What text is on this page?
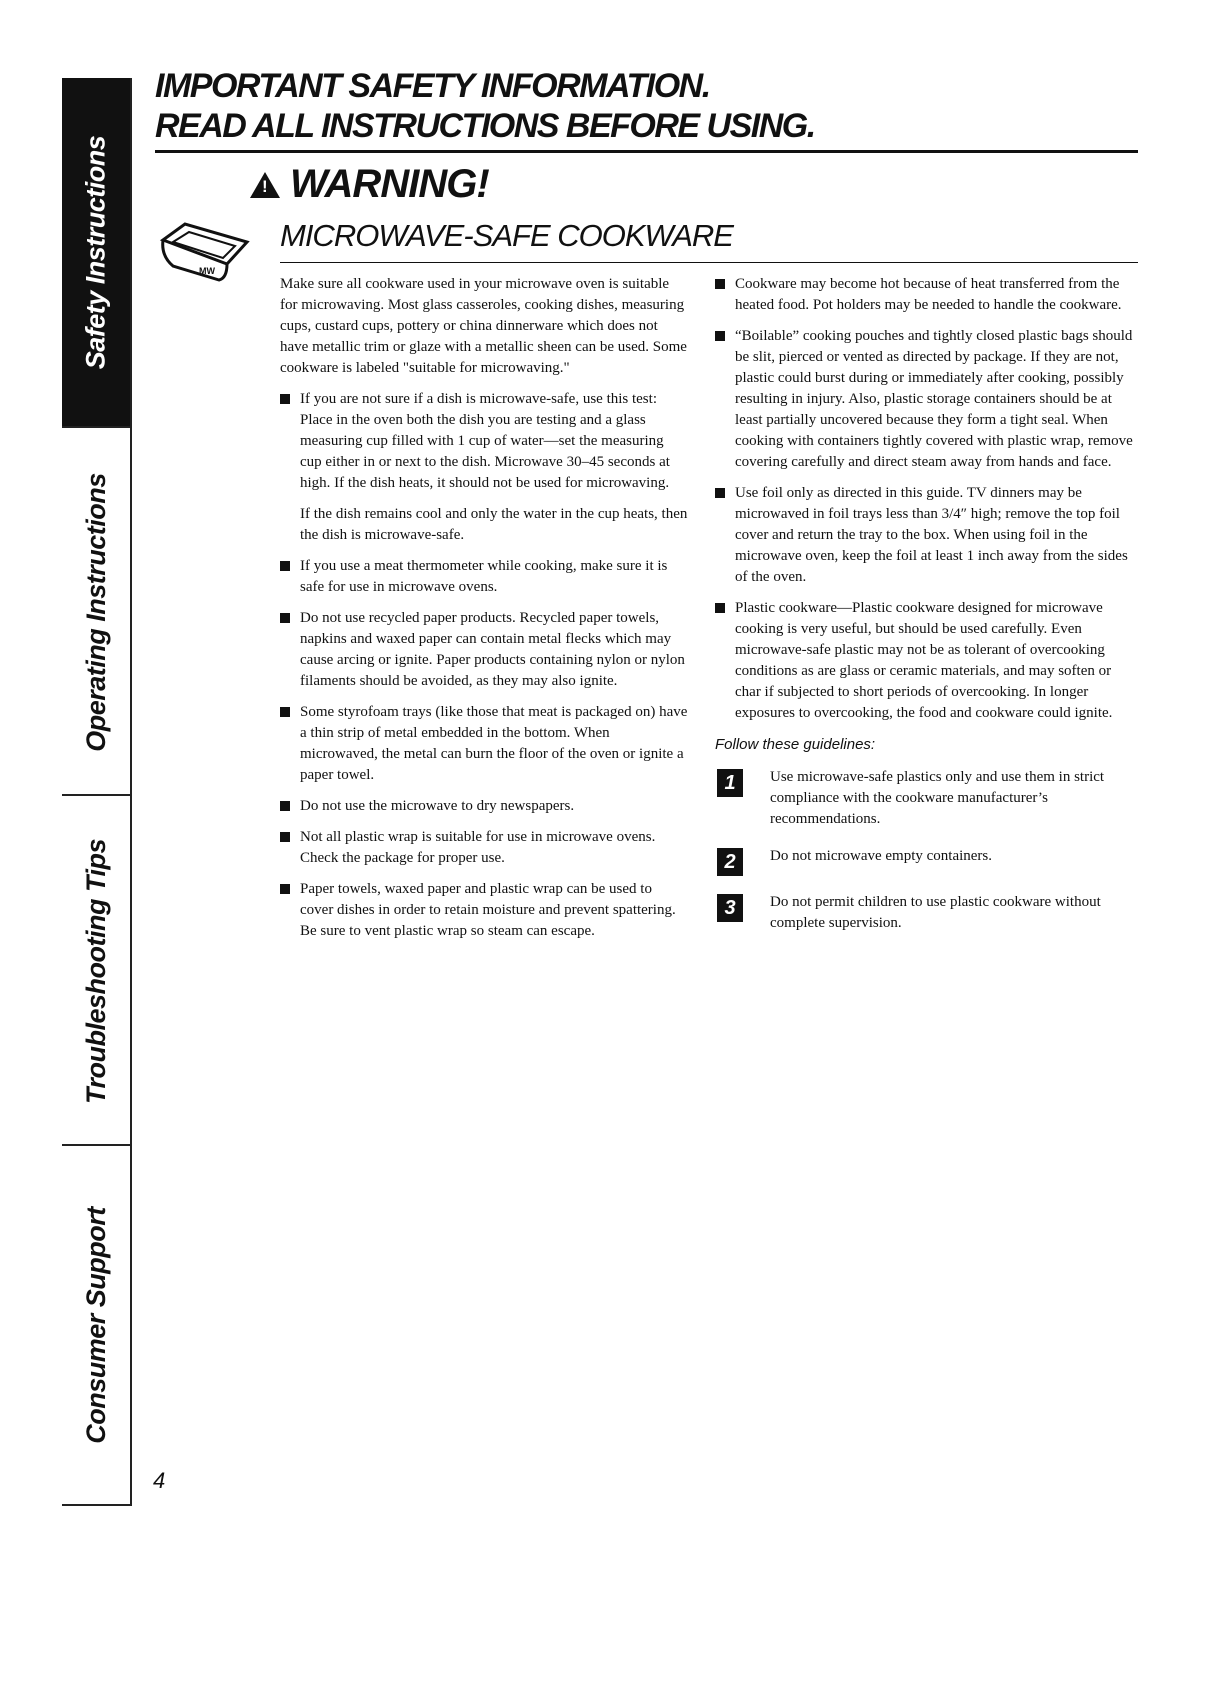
Safety Instructions
Operating Instructions
Troubleshooting Tips
Consumer Support
IMPORTANT SAFETY INFORMATION.
READ ALL INSTRUCTIONS BEFORE USING.
!
WARNING!
MW
MICROWAVE-SAFE COOKWARE

Make sure all cookware used in your microwave oven is suitable for microwaving. Most glass casseroles, cooking dishes, measuring cups, custard cups, pottery or china dinnerware which does not have metallic trim or glaze with a metallic sheen can be used. Some cookware is labeled "suitable for microwaving."

If you are not sure if a dish is microwave-safe, use this test: Place in the oven both the dish you are testing and a glass measuring cup filled with 1 cup of water—set the measuring cup either in or next to the dish. Microwave 30–45 seconds at high. If the dish heats, it should not be used for microwaving.

If the dish remains cool and only the water in the cup heats, then the dish is microwave-safe.

If you use a meat thermometer while cooking, make sure it is safe for use in microwave ovens.
Do not use recycled paper products. Recycled paper towels, napkins and waxed paper can contain metal flecks which may cause arcing or ignite. Paper products containing nylon or nylon filaments should be avoided, as they may also ignite.
Some styrofoam trays (like those that meat is packaged on) have a thin strip of metal embedded in the bottom. When microwaved, the metal can burn the floor of the oven or ignite a paper towel.
Do not use the microwave to dry newspapers.
Not all plastic wrap is suitable for use in microwave ovens. Check the package for proper use.
Paper towels, waxed paper and plastic wrap can be used to cover dishes in order to retain moisture and prevent spattering. Be sure to vent plastic wrap so steam can escape.
Cookware may become hot because of heat transferred from the heated food. Pot holders may be needed to handle the cookware.
“Boilable” cooking pouches and tightly closed plastic bags should be slit, pierced or vented as directed by package. If they are not, plastic could burst during or immediately after cooking, possibly resulting in injury. Also, plastic storage containers should be at least partially uncovered because they form a tight seal. When cooking with containers tightly covered with plastic wrap, remove covering carefully and direct steam away from hands and face.
Use foil only as directed in this guide. TV dinners may be microwaved in foil trays less than 3/4″ high; remove the top foil cover and return the tray to the box. When using foil in the microwave oven, keep the foil at least 1 inch away from the sides of the oven.
Plastic cookware—Plastic cookware designed for microwave cooking is very useful, but should be used carefully. Even microwave-safe plastic may not be as tolerant of overcooking conditions as are glass or ceramic materials, and may soften or char if subjected to short periods of overcooking. In longer exposures to overcooking, the food and cookware could ignite.
Follow these guidelines:
1	Use microwave-safe plastics only and use them in strict compliance with the cookware manufacturer’s recommendations.
2	Do not microwave empty containers.
3	Do not permit children to use plastic cookware without complete supervision.
4
